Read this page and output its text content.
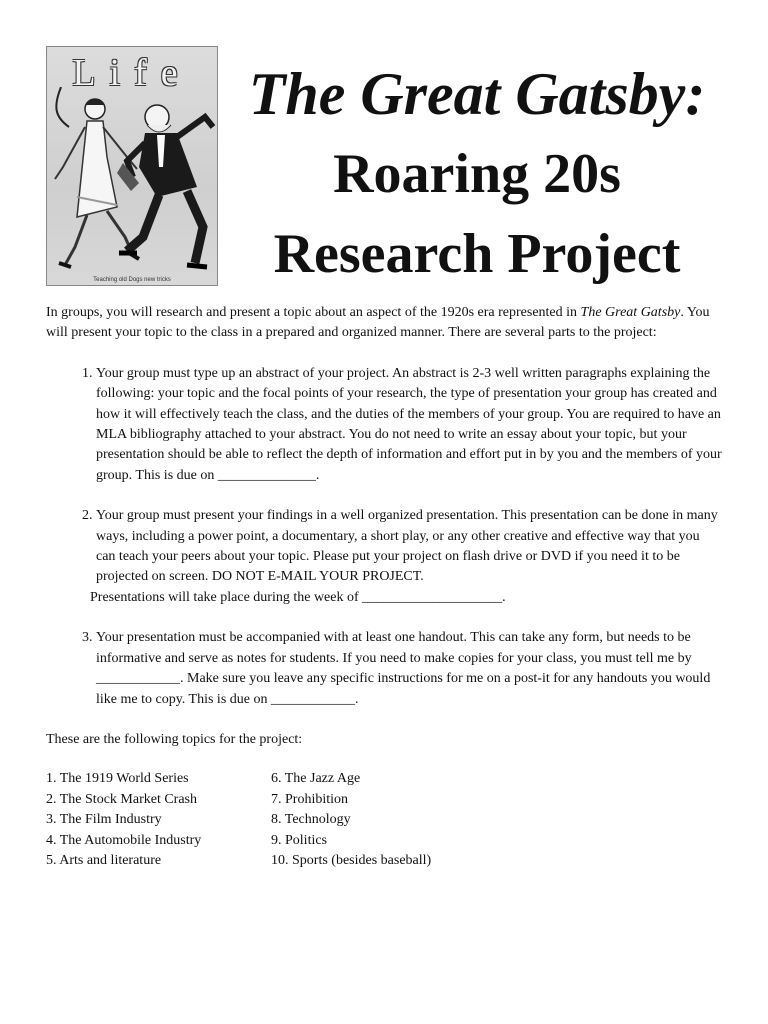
Life
Teaching old Dogs new tricks
The Great Gatsby:
Roaring 20s
Research Project

In groups, you will research and present a topic about an aspect of the 1920s era represented in The Great Gatsby. You will present your topic to the class in a prepared and organized manner. There are several parts to the project:

1. Your group must type up an abstract of your project. An abstract is 2-3 well written paragraphs explaining the following: your topic and the focal points of your research, the type of presentation your group has created and how it will effectively teach the class, and the duties of the members of your group. You are required to have an MLA bibliography attached to your abstract. You do not need to write an essay about your topic, but your presentation should be able to reflect the depth of information and effort put in by you and the members of your group. This is due on ______________.
2. Your group must present your findings in a well organized presentation. This presentation can be done in many ways, including a power point, a documentary, a short play, or any other creative and effective way that you can teach your peers about your topic. Please put your project on flash drive or DVD if you need it to be projected on screen. DO NOT E-MAIL YOUR PROJECT.
Presentations will take place during the week of ____________________.
3. Your presentation must be accompanied with at least one handout. This can take any form, but needs to be informative and serve as notes for students. If you need to make copies for your class, you must tell me by ____________. Make sure you leave any specific instructions for me on a post-it for any handouts you would like me to copy. This is due on ____________.

These are the following topics for the project:

1. The 1919 World Series	6. The Jazz Age
2. The Stock Market Crash	7. Prohibition
3. The Film Industry	8. Technology
4. The Automobile Industry	9. Politics
5. Arts and literature	10. Sports (besides baseball)
